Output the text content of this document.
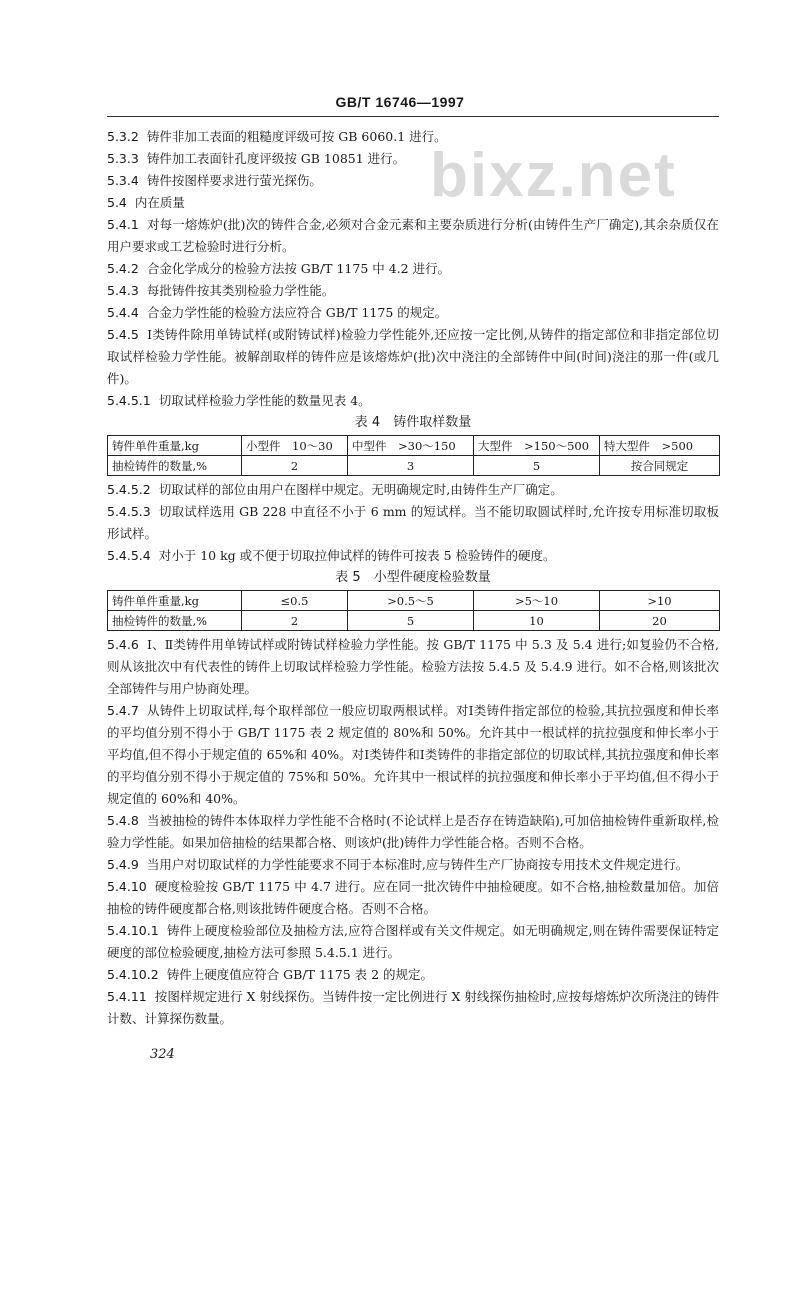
GB/T 16746—1997
bixz.net

5.3.2 铸件非加工表面的粗糙度评级可按 GB 6060.1 进行。

5.3.3 铸件加工表面针孔度评级按 GB 10851 进行。

5.3.4 铸件按图样要求进行萤光探伤。

5.4 内在质量

5.4.1 对每一熔炼炉(批)次的铸件合金,必须对合金元素和主要杂质进行分析(由铸件生产厂确定),其余杂质仅在用户要求或工艺检验时进行分析。

5.4.2 合金化学成分的检验方法按 GB/T 1175 中 4.2 进行。

5.4.3 每批铸件按其类别检验力学性能。

5.4.4 合金力学性能的检验方法应符合 GB/T 1175 的规定。

5.4.5 Ⅰ类铸件除用单铸试样(或附铸试样)检验力学性能外,还应按一定比例,从铸件的指定部位和非指定部位切取试样检验力学性能。被解剖取样的铸件应是该熔炼炉(批)次中浇注的全部铸件中间(时间)浇注的那一件(或几件)。

5.4.5.1 切取试样检验力学性能的数量见表 4。

表 4　铸件取样数量
铸件单件重量,kg	小型件　10～30	中型件　>30～150	大型件　>150～500	特大型件　>500
抽检铸件的数量,%	2	3	5	按合同规定

5.4.5.2 切取试样的部位由用户在图样中规定。无明确规定时,由铸件生产厂确定。

5.4.5.3 切取试样选用 GB 228 中直径不小于 6 mm 的短试样。当不能切取圆试样时,允许按专用标准切取板形试样。

5.4.5.4 对小于 10 kg 或不便于切取拉伸试样的铸件可按表 5 检验铸件的硬度。

表 5　小型件硬度检验数量
铸件单件重量,kg	≤0.5	>0.5～5	>5～10	>10
抽检铸件的数量,%	2	5	10	20

5.4.6 Ⅰ、Ⅱ类铸件用单铸试样或附铸试样检验力学性能。按 GB/T 1175 中 5.3 及 5.4 进行;如复验仍不合格,则从该批次中有代表性的铸件上切取试样检验力学性能。检验方法按 5.4.5 及 5.4.9 进行。如不合格,则该批次全部铸件与用户协商处理。

5.4.7 从铸件上切取试样,每个取样部位一般应切取两根试样。对Ⅰ类铸件指定部位的检验,其抗拉强度和伸长率的平均值分别不得小于 GB/T 1175 表 2 规定值的 80%和 50%。允许其中一根试样的抗拉强度和伸长率小于平均值,但不得小于规定值的 65%和 40%。对Ⅰ类铸件和Ⅰ类铸件的非指定部位的切取试样,其抗拉强度和伸长率的平均值分别不得小于规定值的 75%和 50%。允许其中一根试样的抗拉强度和伸长率小于平均值,但不得小于规定值的 60%和 40%。

5.4.8 当被抽检的铸件本体取样力学性能不合格时(不论试样上是否存在铸造缺陷),可加倍抽检铸件重新取样,检验力学性能。如果加倍抽检的结果都合格、则该炉(批)铸件力学性能合格。否则不合格。

5.4.9 当用户对切取试样的力学性能要求不同于本标准时,应与铸件生产厂协商按专用技术文件规定进行。

5.4.10 硬度检验按 GB/T 1175 中 4.7 进行。应在同一批次铸件中抽检硬度。如不合格,抽检数量加倍。加倍抽检的铸件硬度都合格,则该批铸件硬度合格。否则不合格。

5.4.10.1 铸件上硬度检验部位及抽检方法,应符合图样或有关文件规定。如无明确规定,则在铸件需要保证特定硬度的部位检验硬度,抽检方法可参照 5.4.5.1 进行。

5.4.10.2 铸件上硬度值应符合 GB/T 1175 表 2 的规定。

5.4.11 按图样规定进行 X 射线探伤。当铸件按一定比例进行 X 射线探伤抽检时,应按每熔炼炉次所浇注的铸件计数、计算探伤数量。

324
